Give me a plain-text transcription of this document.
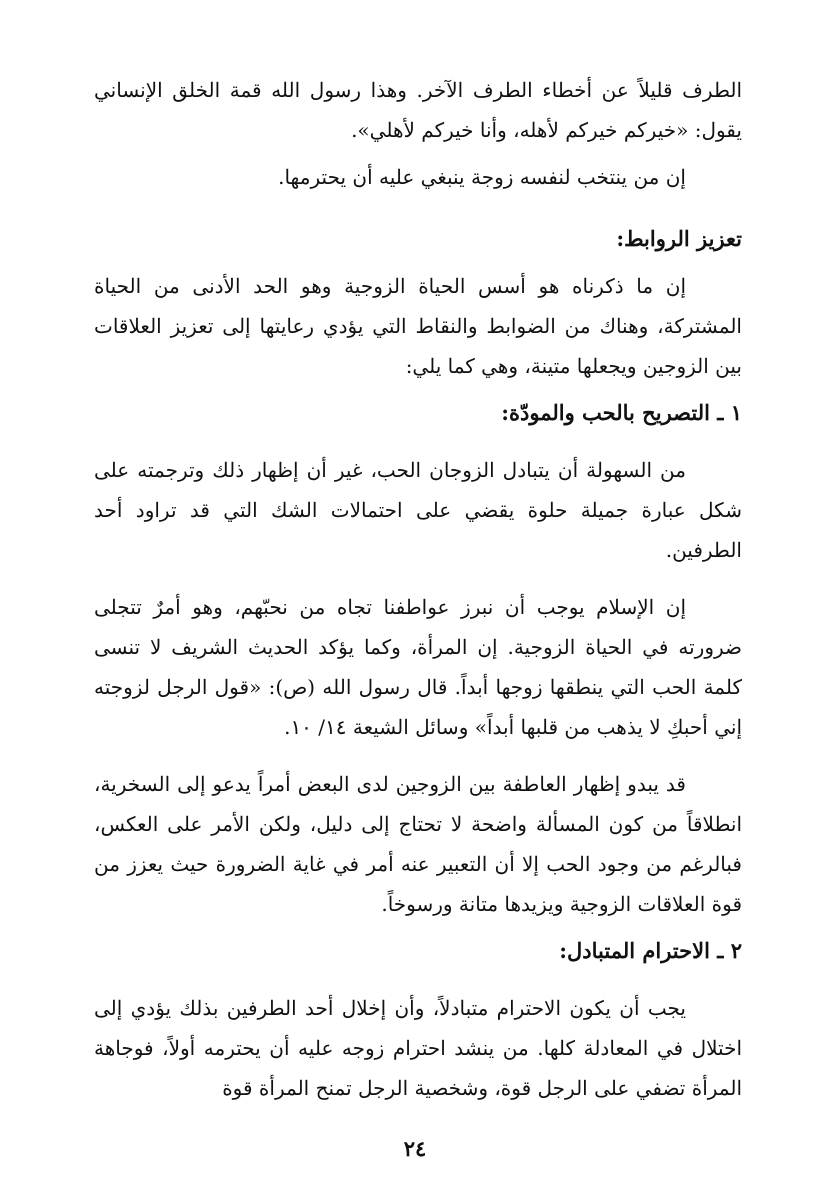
الطرف قليلاً عن أخطاء الطرف الآخر. وهذا رسول الله قمة الخلق الإنساني يقول: «خيركم خيركم لأهله، وأنا خيركم لأهلي».

إن من ينتخب لنفسه زوجة ينبغي عليه أن يحترمها.

تعزيز الروابط:

إن ما ذكرناه هو أسس الحياة الزوجية وهو الحد الأدنى من الحياة المشتركة، وهناك من الضوابط والنقاط التي يؤدي رعايتها إلى تعزيز العلاقات بين الزوجين ويجعلها متينة، وهي كما يلي:

١ ـ التصريح بالحب والمودّة:

من السهولة أن يتبادل الزوجان الحب، غير أن إظهار ذلك وترجمته على شكل عبارة جميلة حلوة يقضي على احتمالات الشك التي قد تراود أحد الطرفين.

إن الإسلام يوجب أن نبرز عواطفنا تجاه من نحبّهم، وهو أمرٌ تتجلى ضرورته في الحياة الزوجية. إن المرأة، وكما يؤكد الحديث الشريف لا تنسى كلمة الحب التي ينطقها زوجها أبداً. قال رسول الله (ص): «قول الرجل لزوجته إني أحبكِ لا يذهب من قلبها أبداً» وسائل الشيعة ١٤/ ١٠.

قد يبدو إظهار العاطفة بين الزوجين لدى البعض أمراً يدعو إلى السخرية، انطلاقاً من كون المسألة واضحة لا تحتاج إلى دليل، ولكن الأمر على العكس، فبالرغم من وجود الحب إلا أن التعبير عنه أمر في غاية الضرورة حيث يعزز من قوة العلاقات الزوجية ويزيدها متانة ورسوخاً.

٢ ـ الاحترام المتبادل:

يجب أن يكون الاحترام متبادلاً، وأن إخلال أحد الطرفين بذلك يؤدي إلى اختلال في المعادلة كلها. من ينشد احترام زوجه عليه أن يحترمه أولاً، فوجاهة المرأة تضفي على الرجل قوة، وشخصية الرجل تمنح المرأة قوة

٢٤
